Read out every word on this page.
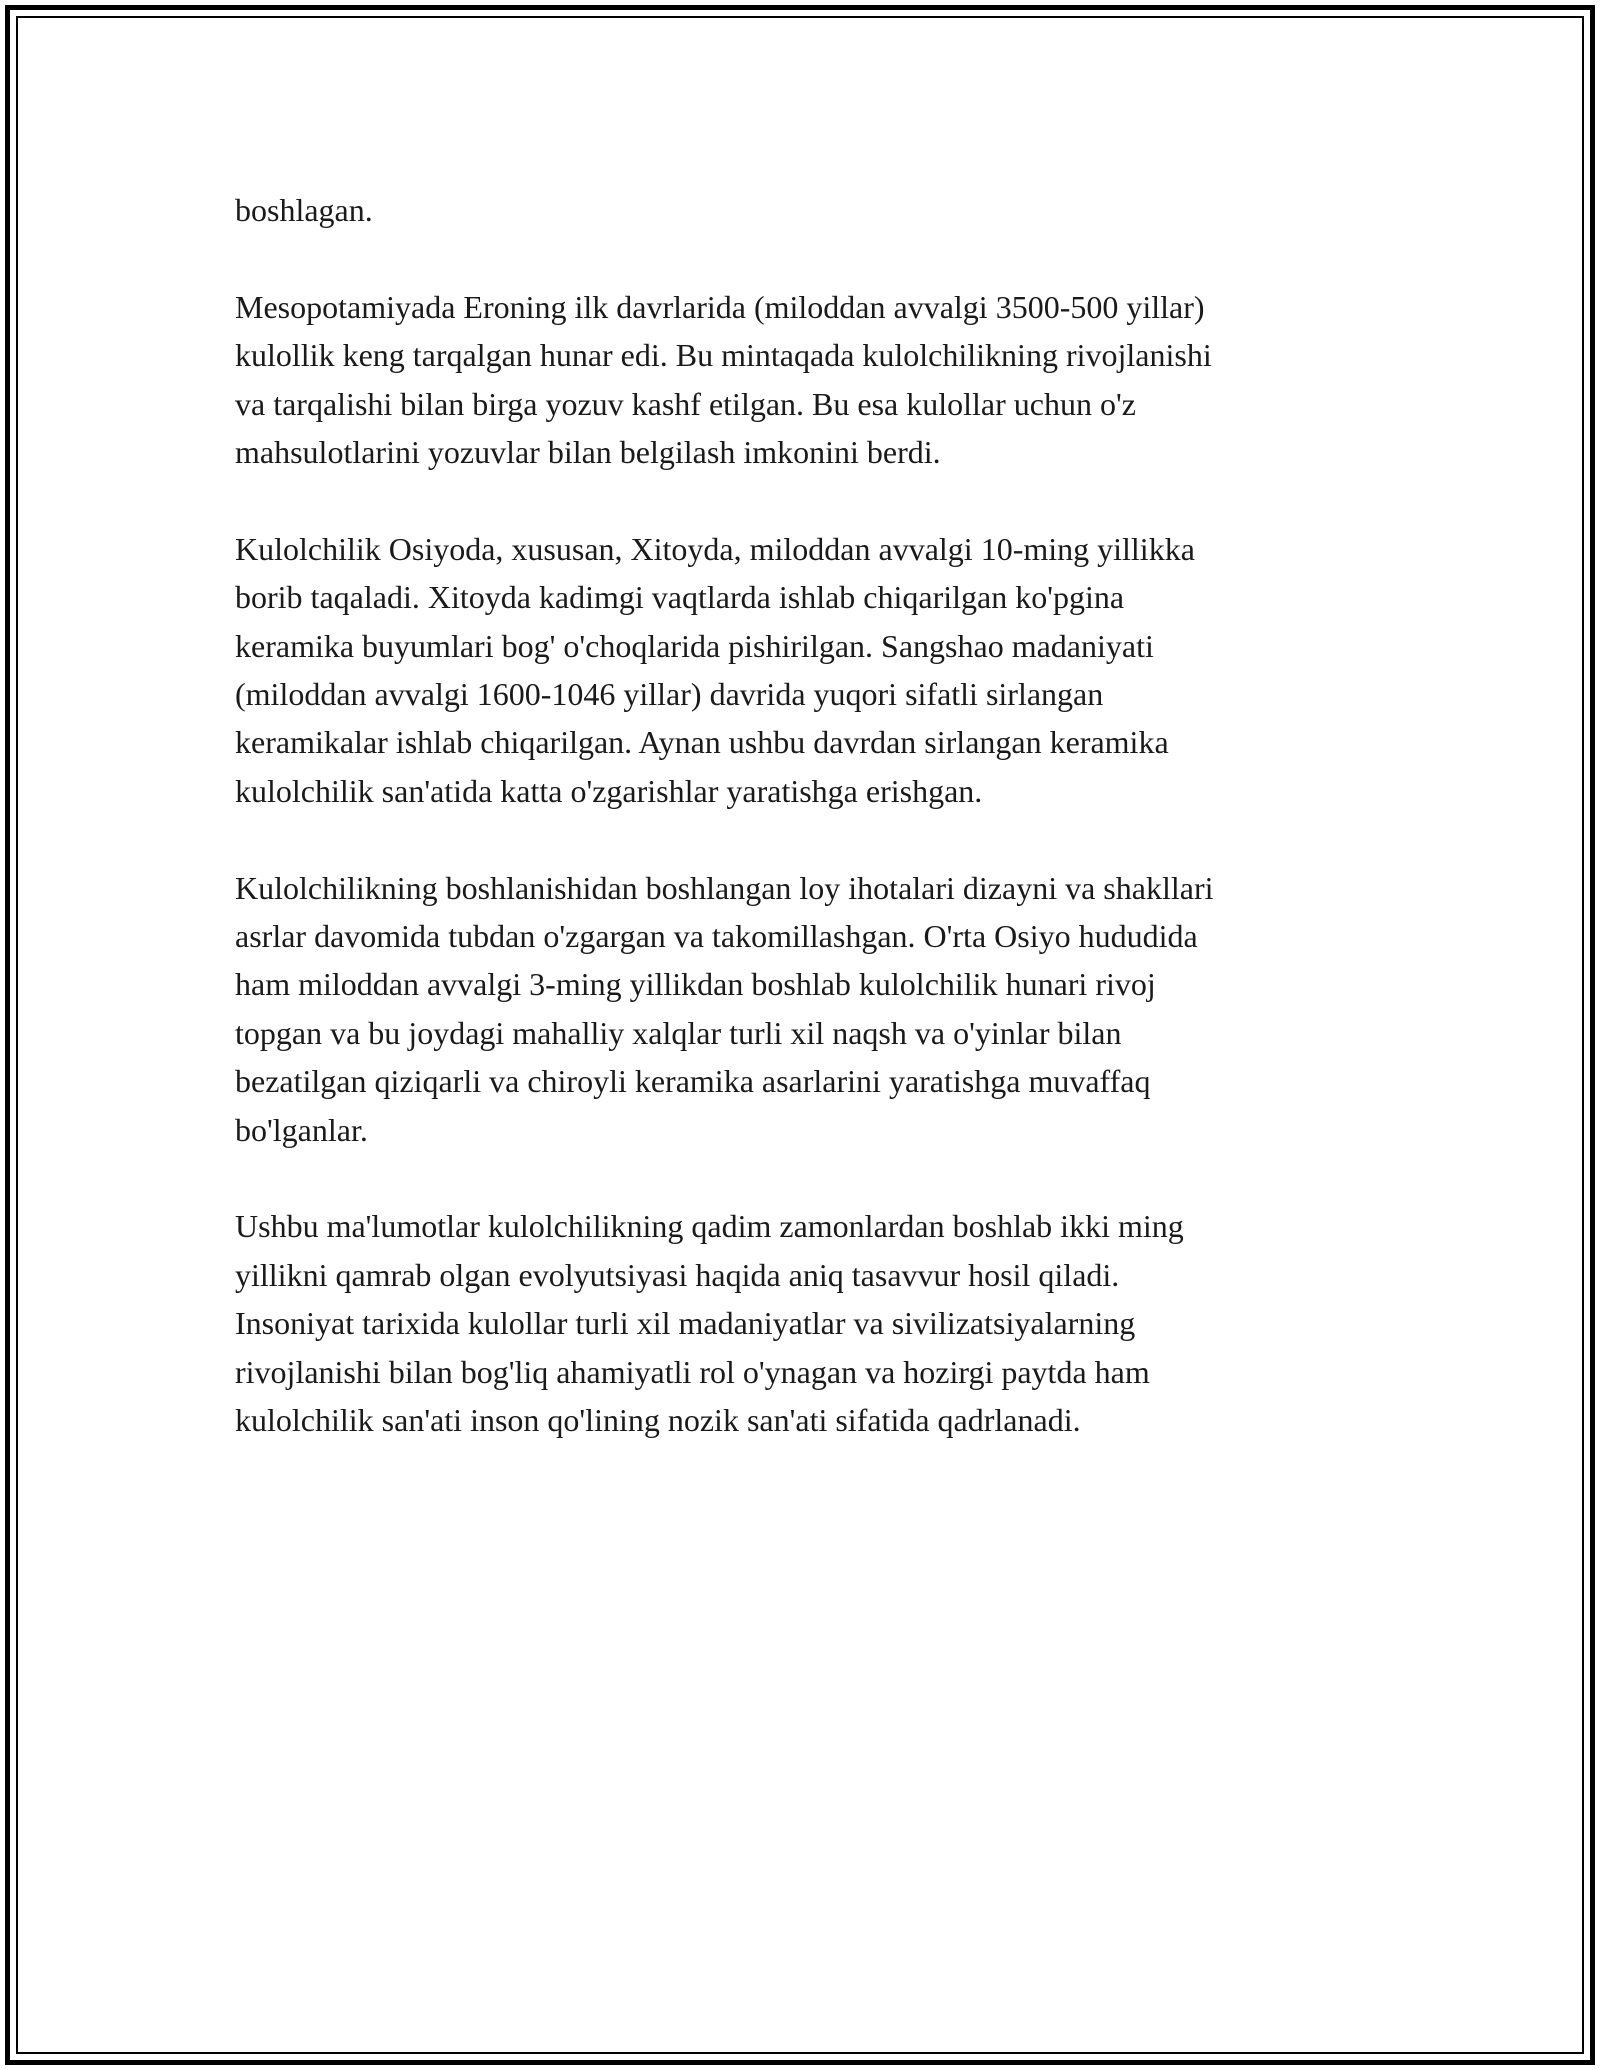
boshlagan.

Mesopotamiyada Eroning ilk davrlarida (miloddan avvalgi 3500-500 yillar)
kulollik keng tarqalgan hunar edi. Bu mintaqada kulolchilikning rivojlanishi
va tarqalishi bilan birga yozuv kashf etilgan. Bu esa kulollar uchun o'z
mahsulotlarini yozuvlar bilan belgilash imkonini berdi.

Kulolchilik Osiyoda, xususan, Xitoyda, miloddan avvalgi 10-ming yillikka
borib taqaladi. Xitoyda kadimgi vaqtlarda ishlab chiqarilgan ko'pgina
keramika buyumlari bog' o'choqlarida pishirilgan. Sangshao madaniyati
(miloddan avvalgi 1600-1046 yillar) davrida yuqori sifatli sirlangan
keramikalar ishlab chiqarilgan. Aynan ushbu davrdan sirlangan keramika
kulolchilik san'atida katta o'zgarishlar yaratishga erishgan.

Kulolchilikning boshlanishidan boshlangan loy ihotalari dizayni va shakllari
asrlar davomida tubdan o'zgargan va takomillashgan. O'rta Osiyo hududida
ham miloddan avvalgi 3-ming yillikdan boshlab kulolchilik hunari rivoj
topgan va bu joydagi mahalliy xalqlar turli xil naqsh va o'yinlar bilan
bezatilgan qiziqarli va chiroyli keramika asarlarini yaratishga muvaffaq
bo'lganlar.

Ushbu ma'lumotlar kulolchilikning qadim zamonlardan boshlab ikki ming
yillikni qamrab olgan evolyutsiyasi haqida aniq tasavvur hosil qiladi.
Insoniyat tarixida kulollar turli xil madaniyatlar va sivilizatsiyalarning
rivojlanishi bilan bog'liq ahamiyatli rol o'ynagan va hozirgi paytda ham
kulolchilik san'ati inson qo'lining nozik san'ati sifatida qadrlanadi.
